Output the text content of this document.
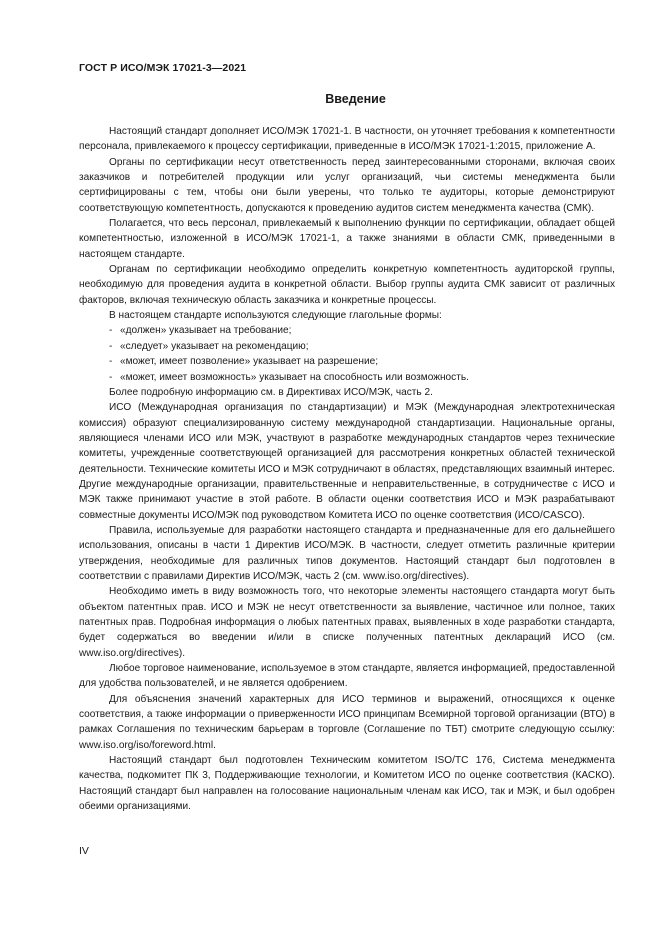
ГОСТ Р ИСО/МЭК 17021-3—2021
Введение

Настоящий стандарт дополняет ИСО/МЭК 17021-1. В частности, он уточняет требования к компетентности персонала, привлекаемого к процессу сертификации, приведенные в ИСО/МЭК 17021-1:2015, приложение А.

Органы по сертификации несут ответственность перед заинтересованными сторонами, включая своих заказчиков и потребителей продукции или услуг организаций, чьи системы менеджмента были сертифицированы с тем, чтобы они были уверены, что только те аудиторы, которые демонстрируют соответствующую компетентность, допускаются к проведению аудитов систем менеджмента качества (СМК).

Полагается, что весь персонал, привлекаемый к выполнению функции по сертификации, обладает общей компетентностью, изложенной в ИСО/МЭК 17021-1, а также знаниями в области СМК, приведенными в настоящем стандарте.

Органам по сертификации необходимо определить конкретную компетентность аудиторской группы, необходимую для проведения аудита в конкретной области. Выбор группы аудита СМК зависит от различных факторов, включая техническую область заказчика и конкретные процессы.

В настоящем стандарте используются следующие глагольные формы:

- «должен» указывает на требование;
- «следует» указывает на рекомендацию;
- «может, имеет позволение» указывает на разрешение;
- «может, имеет возможность» указывает на способность или возможность.

Более подробную информацию см. в Директивах ИСО/МЭК, часть 2.

ИСО (Международная организация по стандартизации) и МЭК (Международная электротехническая комиссия) образуют специализированную систему международной стандартизации. Национальные органы, являющиеся членами ИСО или МЭК, участвуют в разработке международных стандартов через технические комитеты, учрежденные соответствующей организацией для рассмотрения конкретных областей технической деятельности. Технические комитеты ИСО и МЭК сотрудничают в областях, представляющих взаимный интерес. Другие международные организации, правительственные и неправительственные, в сотрудничестве с ИСО и МЭК также принимают участие в этой работе. В области оценки соответствия ИСО и МЭК разрабатывают совместные документы ИСО/МЭК под руководством Комитета ИСО по оценке соответствия (ИСО/CASCO).

Правила, используемые для разработки настоящего стандарта и предназначенные для его дальнейшего использования, описаны в части 1 Директив ИСО/МЭК. В частности, следует отметить различные критерии утверждения, необходимые для различных типов документов. Настоящий стандарт был подготовлен в соответствии с правилами Директив ИСО/МЭК, часть 2 (см. www.iso.org/directives).

Необходимо иметь в виду возможность того, что некоторые элементы настоящего стандарта могут быть объектом патентных прав. ИСО и МЭК не несут ответственности за выявление, частичное или полное, таких патентных прав. Подробная информация о любых патентных правах, выявленных в ходе разработки стандарта, будет содержаться во введении и/или в списке полученных патентных деклараций ИСО (см. www.iso.org/directives).

Любое торговое наименование, используемое в этом стандарте, является информацией, предоставленной для удобства пользователей, и не является одобрением.

Для объяснения значений характерных для ИСО терминов и выражений, относящихся к оценке соответствия, а также информации о приверженности ИСО принципам Всемирной торговой организации (ВТО) в рамках Соглашения по техническим барьерам в торговле (Соглашение по ТБТ) смотрите следующую ссылку: www.iso.org/iso/foreword.html.

Настоящий стандарт был подготовлен Техническим комитетом ISO/TC 176, Система менеджмента качества, подкомитет ПК 3, Поддерживающие технологии, и Комитетом ИСО по оценке соответствия (КАСКО). Настоящий стандарт был направлен на голосование национальным членам как ИСО, так и МЭК, и был одобрен обеими организациями.

IV
